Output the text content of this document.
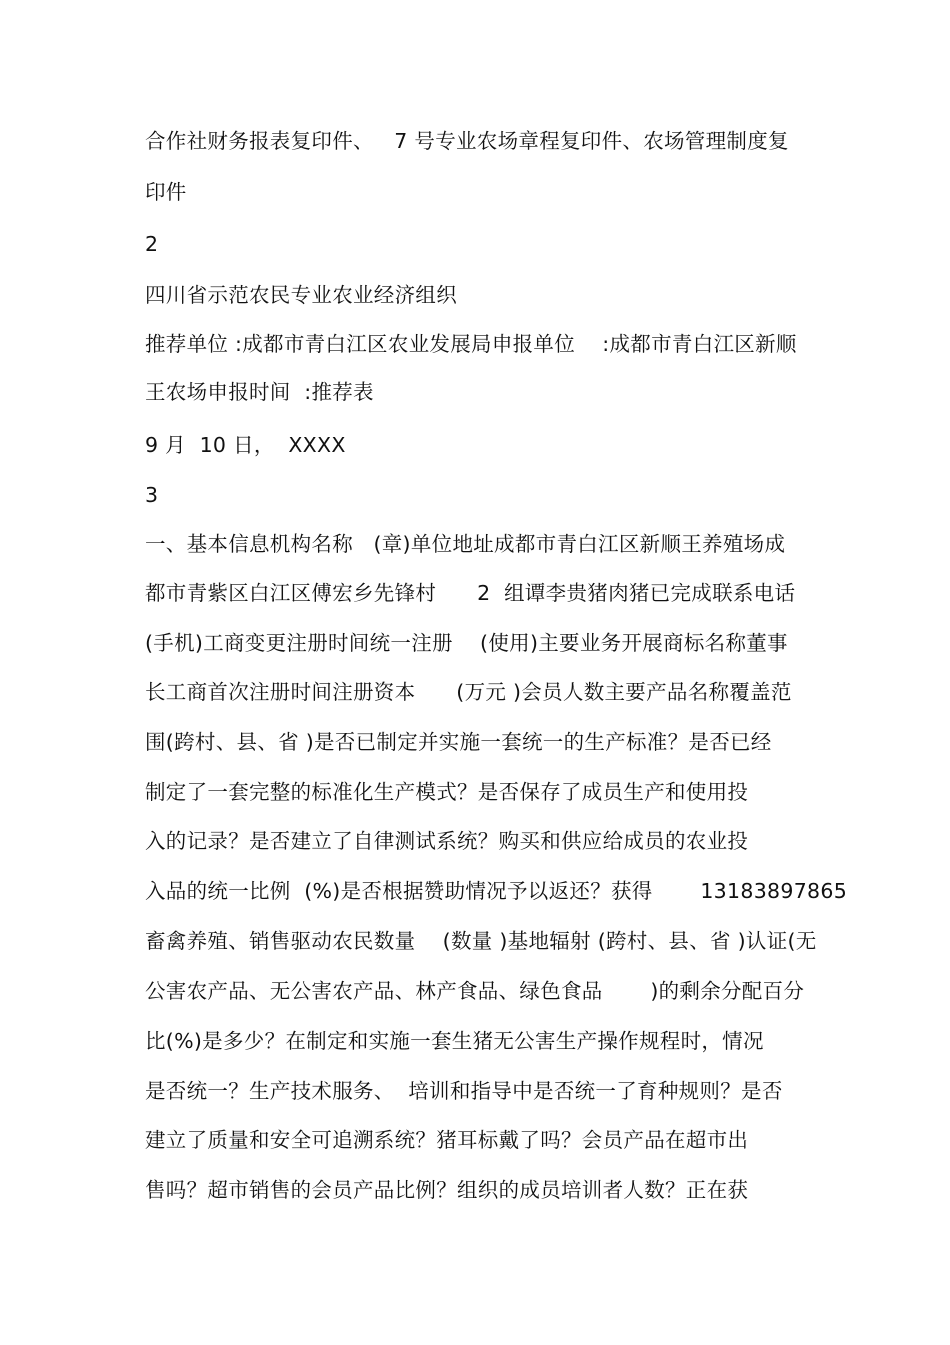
合作社财务报表复印件、   7 号专业农场章程复印件、农场管理制度复
印件
2
四川省示范农民专业农业经济组织
推荐单位 :成都市青白江区农业发展局申报单位    :成都市青白江区新顺
王农场申报时间  :推荐表
9 月  10 日，  XXXX
3
一、基本信息机构名称   (章)单位地址成都市青白江区新顺王养殖场成
都市青紫区白江区傅宏乡先锋村      2  组谭李贵猪肉猪已完成联系电话
(手机)工商变更注册时间统一注册    (使用)主要业务开展商标名称董事
长工商首次注册时间注册资本      (万元 )会员人数主要产品名称覆盖范
围(跨村、县、省 )是否已制定并实施一套统一的生产标准？是否已经
制定了一套完整的标准化生产模式？是否保存了成员生产和使用投
入的记录？是否建立了自律测试系统？购买和供应给成员的农业投
入品的统一比例  (%)是否根据赞助情况予以返还？获得       13183897865
畜禽养殖、销售驱动农民数量    (数量 )基地辐射 (跨村、县、省 )认证(无
公害农产品、无公害农产品、林产食品、绿色食品       )的剩余分配百分
比(%)是多少？在制定和实施一套生猪无公害生产操作规程时，情况
是否统一？生产技术服务、  培训和指导中是否统一了育种规则？是否
建立了质量和安全可追溯系统？猪耳标戴了吗？会员产品在超市出
售吗？超市销售的会员产品比例？组织的成员培训者人数？正在获
